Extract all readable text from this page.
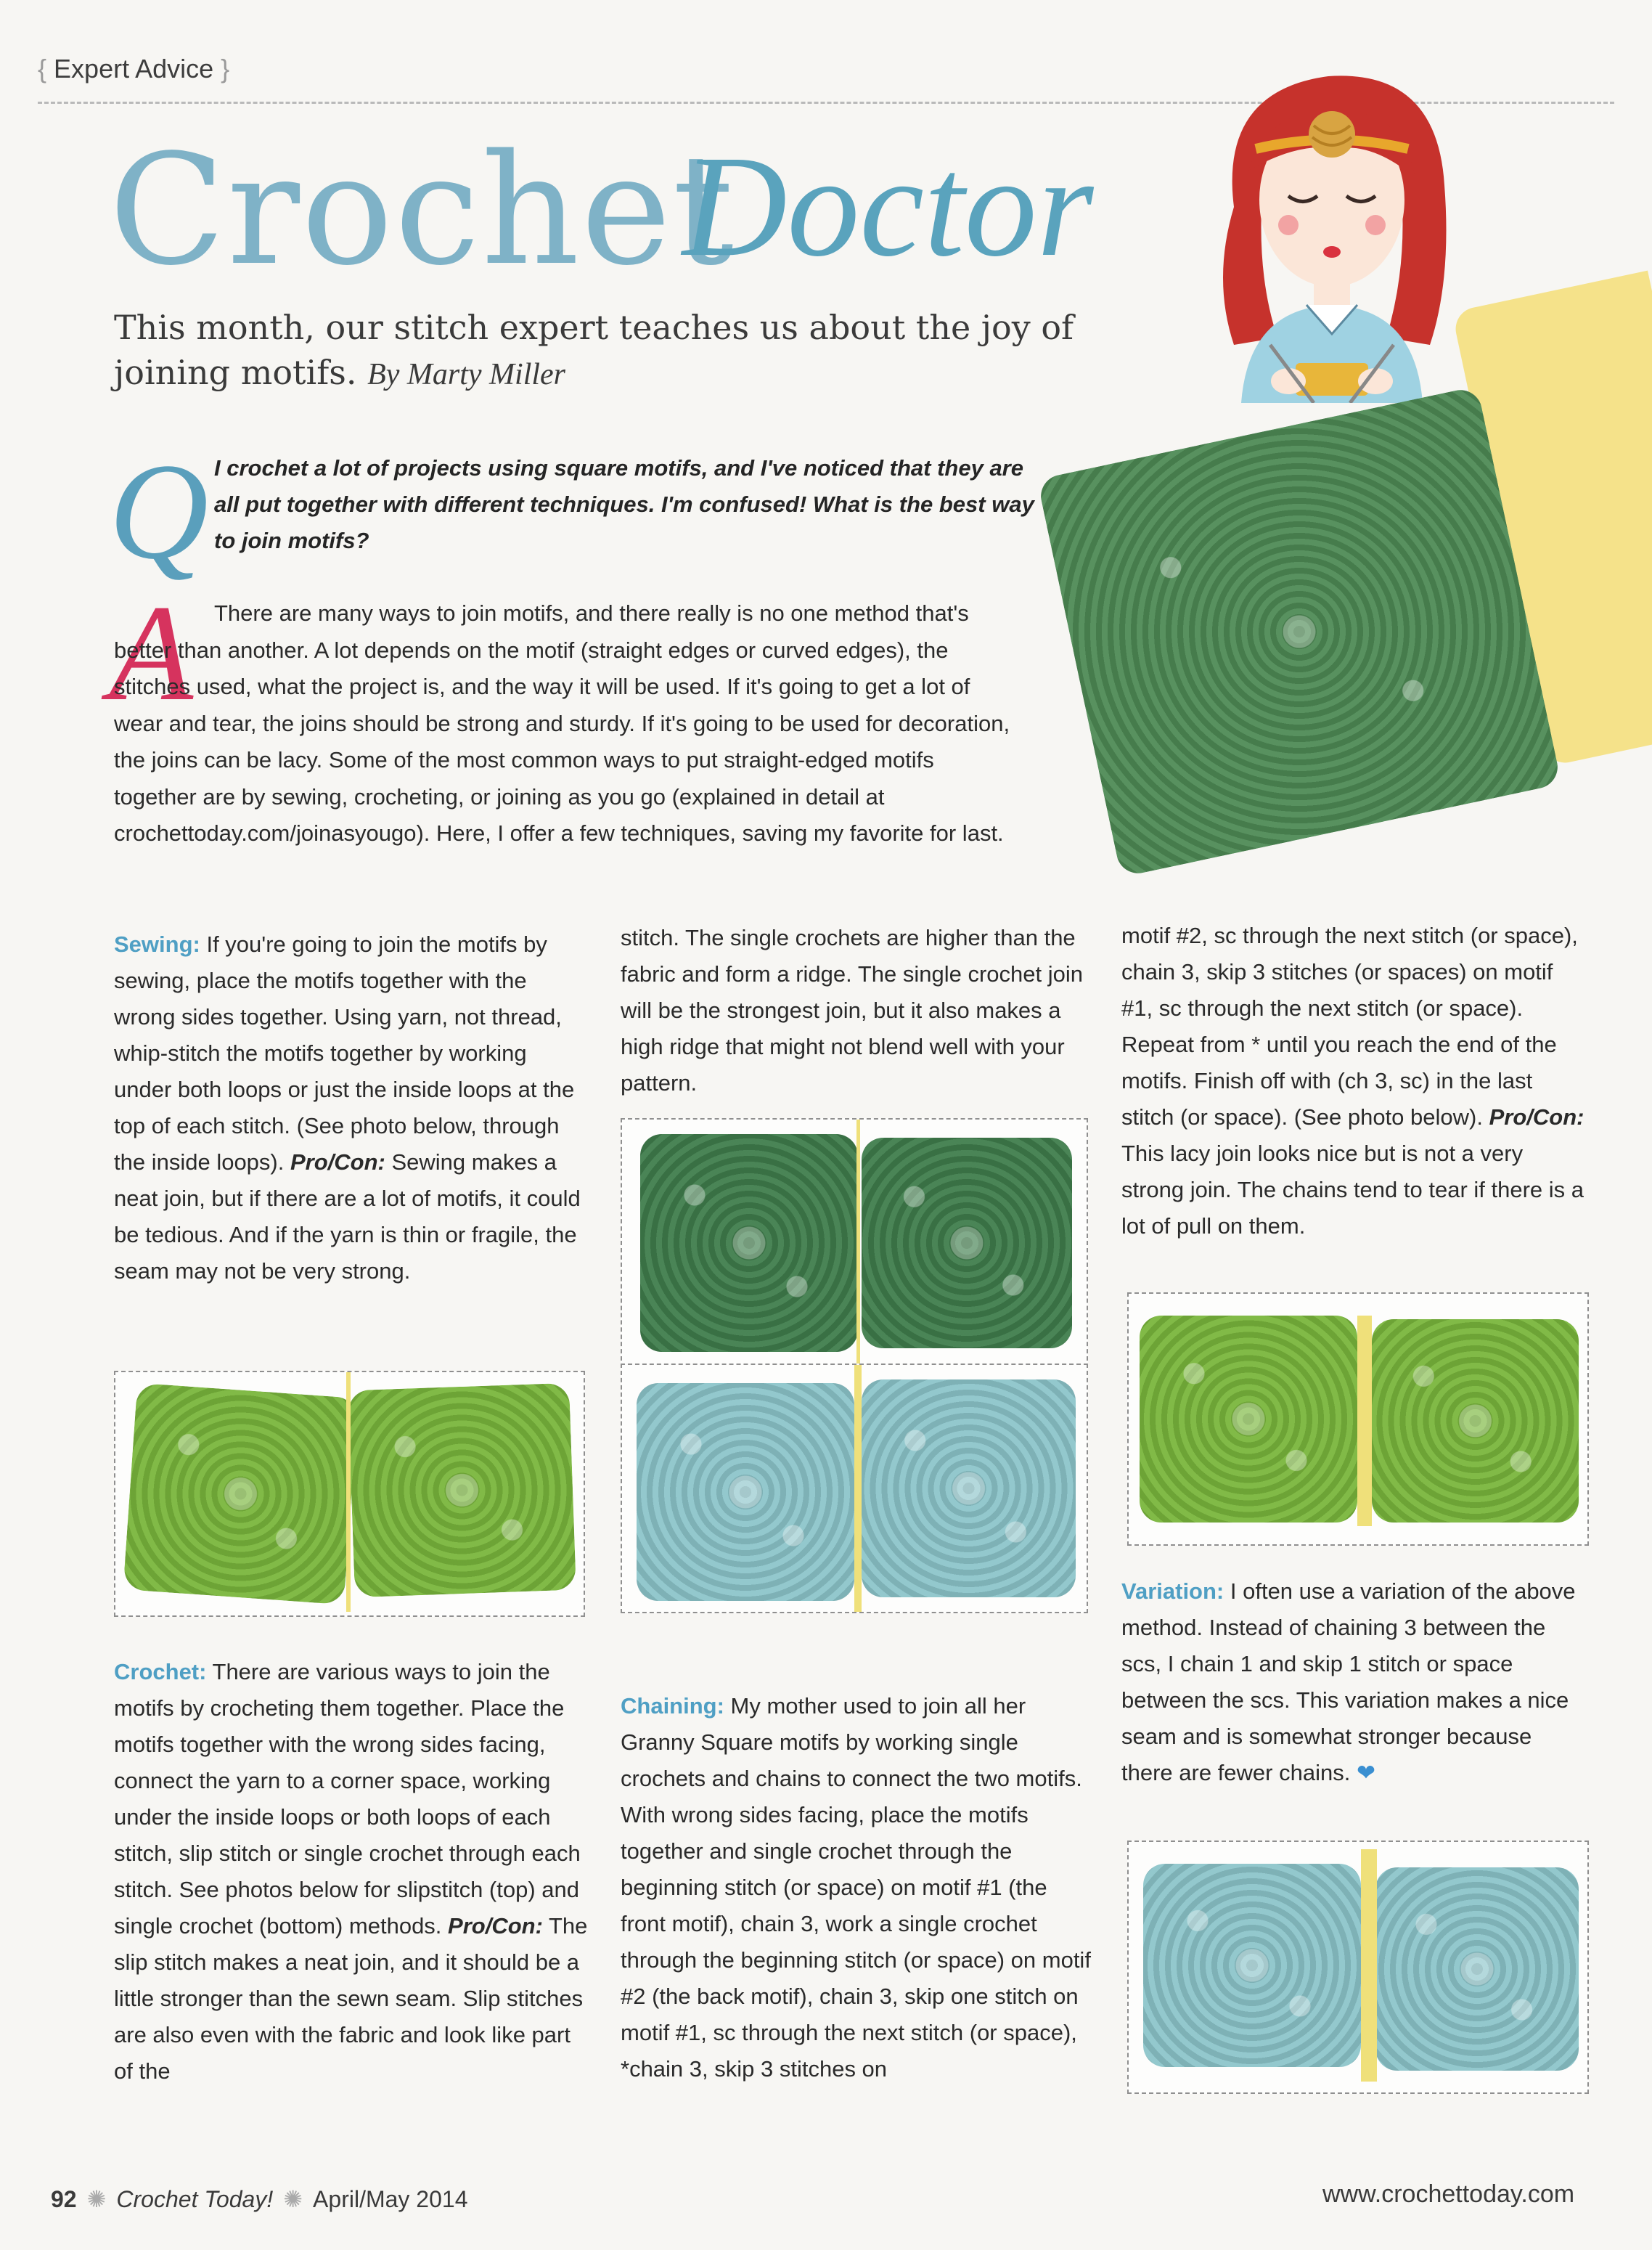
{ Expert Advice }
Crochet
Doctor
This month, our stitch expert teaches us about the joy of joining motifs. By Marty Miller
Q I crochet a lot of projects using square motifs, and I've noticed that they are all put together with different techniques. I'm confused! What is the best way to join motifs?
A There are many ways to join motifs, and there really is no one method that's better than another. A lot depends on the motif (straight edges or curved edges), the stitches used, what the project is, and the way it will be used. If it's going to get a lot of wear and tear, the joins should be strong and sturdy. If it's going to be used for decoration, the joins can be lacy. Some of the most common ways to put straight-edged motifs together are by sewing, crocheting, or joining as you go (explained in detail at crochettoday.com/joinasyougo). Here, I offer a few techniques, saving my favorite for last.
Sewing: If you're going to join the motifs by sewing, place the motifs together with the wrong sides together. Using yarn, not thread, whip-stitch the motifs together by working under both loops or just the inside loops at the top of each stitch. (See photo below, through the inside loops). Pro/Con: Sewing makes a neat join, but if there are a lot of motifs, it could be tedious. And if the yarn is thin or fragile, the seam may not be very strong.
Crochet: There are various ways to join the motifs by crocheting them together. Place the motifs together with the wrong sides facing, connect the yarn to a corner space, working under the inside loops or both loops of each stitch, slip stitch or single crochet through each stitch. See photos below for slipstitch (top) and single crochet (bottom) methods. Pro/Con: The slip stitch makes a neat join, and it should be a little stronger than the sewn seam. Slip stitches are also even with the fabric and look like part of the
stitch. The single crochets are higher than the fabric and form a ridge. The single crochet join will be the strongest join, but it also makes a high ridge that might not blend well with your pattern.
Chaining: My mother used to join all her Granny Square motifs by working single crochets and chains to connect the two motifs. With wrong sides facing, place the motifs together and single crochet through the beginning stitch (or space) on motif #1 (the front motif), chain 3, work a single crochet through the beginning stitch (or space) on motif #2 (the back motif), chain 3, skip one stitch on motif #1, sc through the next stitch (or space), *chain 3, skip 3 stitches on
motif #2, sc through the next stitch (or space), chain 3, skip 3 stitches (or spaces) on motif #1, sc through the next stitch (or space). Repeat from * until you reach the end of the motifs. Finish off with (ch 3, sc) in the last stitch (or space). (See photo below). Pro/Con: This lacy join looks nice but is not a very strong join. The chains tend to tear if there is a lot of pull on them.
Variation: I often use a variation of the above method. Instead of chaining 3 between the scs, I chain 1 and skip 1 stitch or space between the scs. This variation makes a nice seam and is somewhat stronger because there are fewer chains. ❤
92 ✺ Crochet Today! ✺ April/May 2014	www.crochettoday.com
